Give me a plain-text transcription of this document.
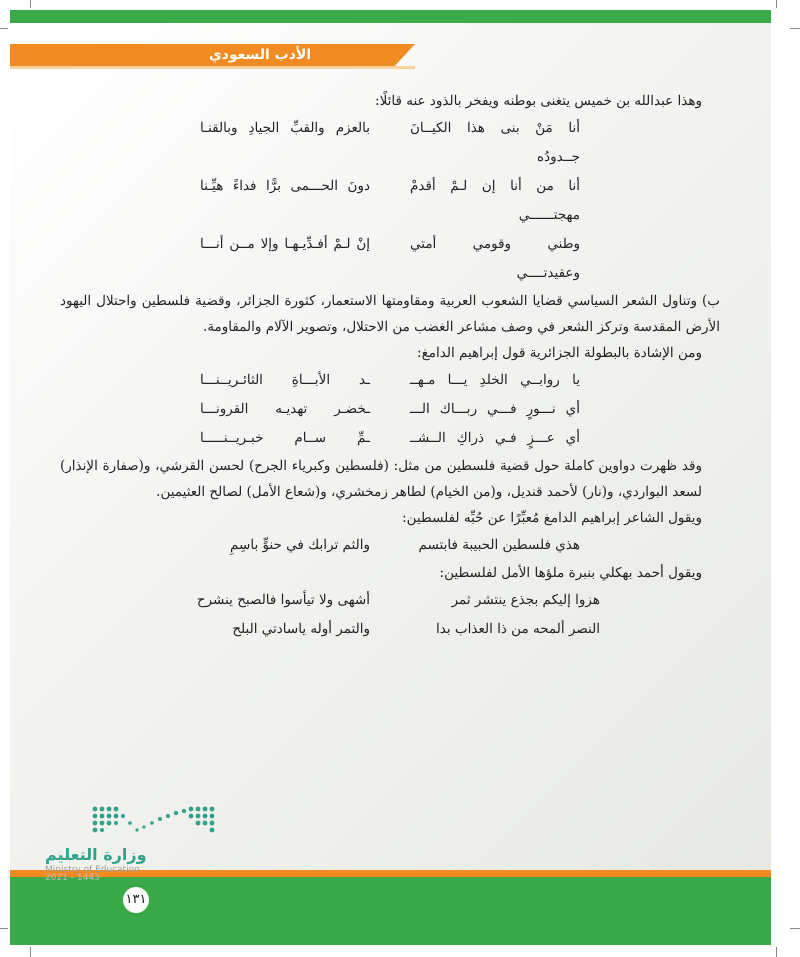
الأدب السعودي

وهذا عبدالله بن خميس يتغنى بوطنه ويفخر بالذود عنه قائلًا:

أنا مَنْ بنى هذا الكيــانَ جــدودُه
بالعزم والقبِّ الجيادِ وبالقنـا
أنا من أنا إن لـمْ أقدمْ مهجتــــــي
دونَ الحـــمى برًّا فداءً هيِّـنا
وطني وقومي أمتي وعقيدتــــي
إنْ لـمْ أفـدِّيـهـا وإلا مــن أنـــا

ب) وتناول الشعر السياسي قضايا الشعوب العربية ومقاومتها الاستعمار، كثورة الجزائر، وقضية فلسطين واحتلال اليهود الأرض المقدسة وتركز الشعر في وصف مشاعر الغضب من الاحتلال، وتصوير الآلام والمقاومة.

ومن الإشادة بالبطولة الجزائرية قول إبراهيم الدامغ:

يا روابــي الخلدِ يـــا مـهــ
ـد الأبـــاةِ الثائـريــنـــا
أي نـــورٍ فـــي ربـــاك الـــ
ـخضـر تهديـه القرونـــا
أي عـــزٍ فـي ذراكِ الــشــ
ـمِّ ســام خبـريــنـــــا

وقد ظهرت دواوين كاملة حول قضية فلسطين من مثل: (فلسطين وكبرياء الجرح) لحسن القرشي، و(صفارة الإنذار) لسعد البواردي، و(نار) لأحمد قنديل، و(من الخيام) لطاهر زمخشري، و(شعاع الأمل) لصالح العثيمين.

ويقول الشاعر إبراهيم الدامغ مُعبِّرًا عن حُبِّه لفلسطين:

هذي فلسطين الحبيبة فابتسم
والثم ترابك في حنوٍّ باسِمِ

ويقول أحمد بهكلي بنبرة ملؤها الأمل لفلسطين:

هزوا إليكم بجذع ينتشر ثمر
أشهى ولا تيأسوا فالصبح ينشرح
النصر ألمحه من ذا العذاب بدا
والتمر أوله ياسادتي البلح
وزارة التعليم
Ministry of Education
2021 - 1443
١٣١
